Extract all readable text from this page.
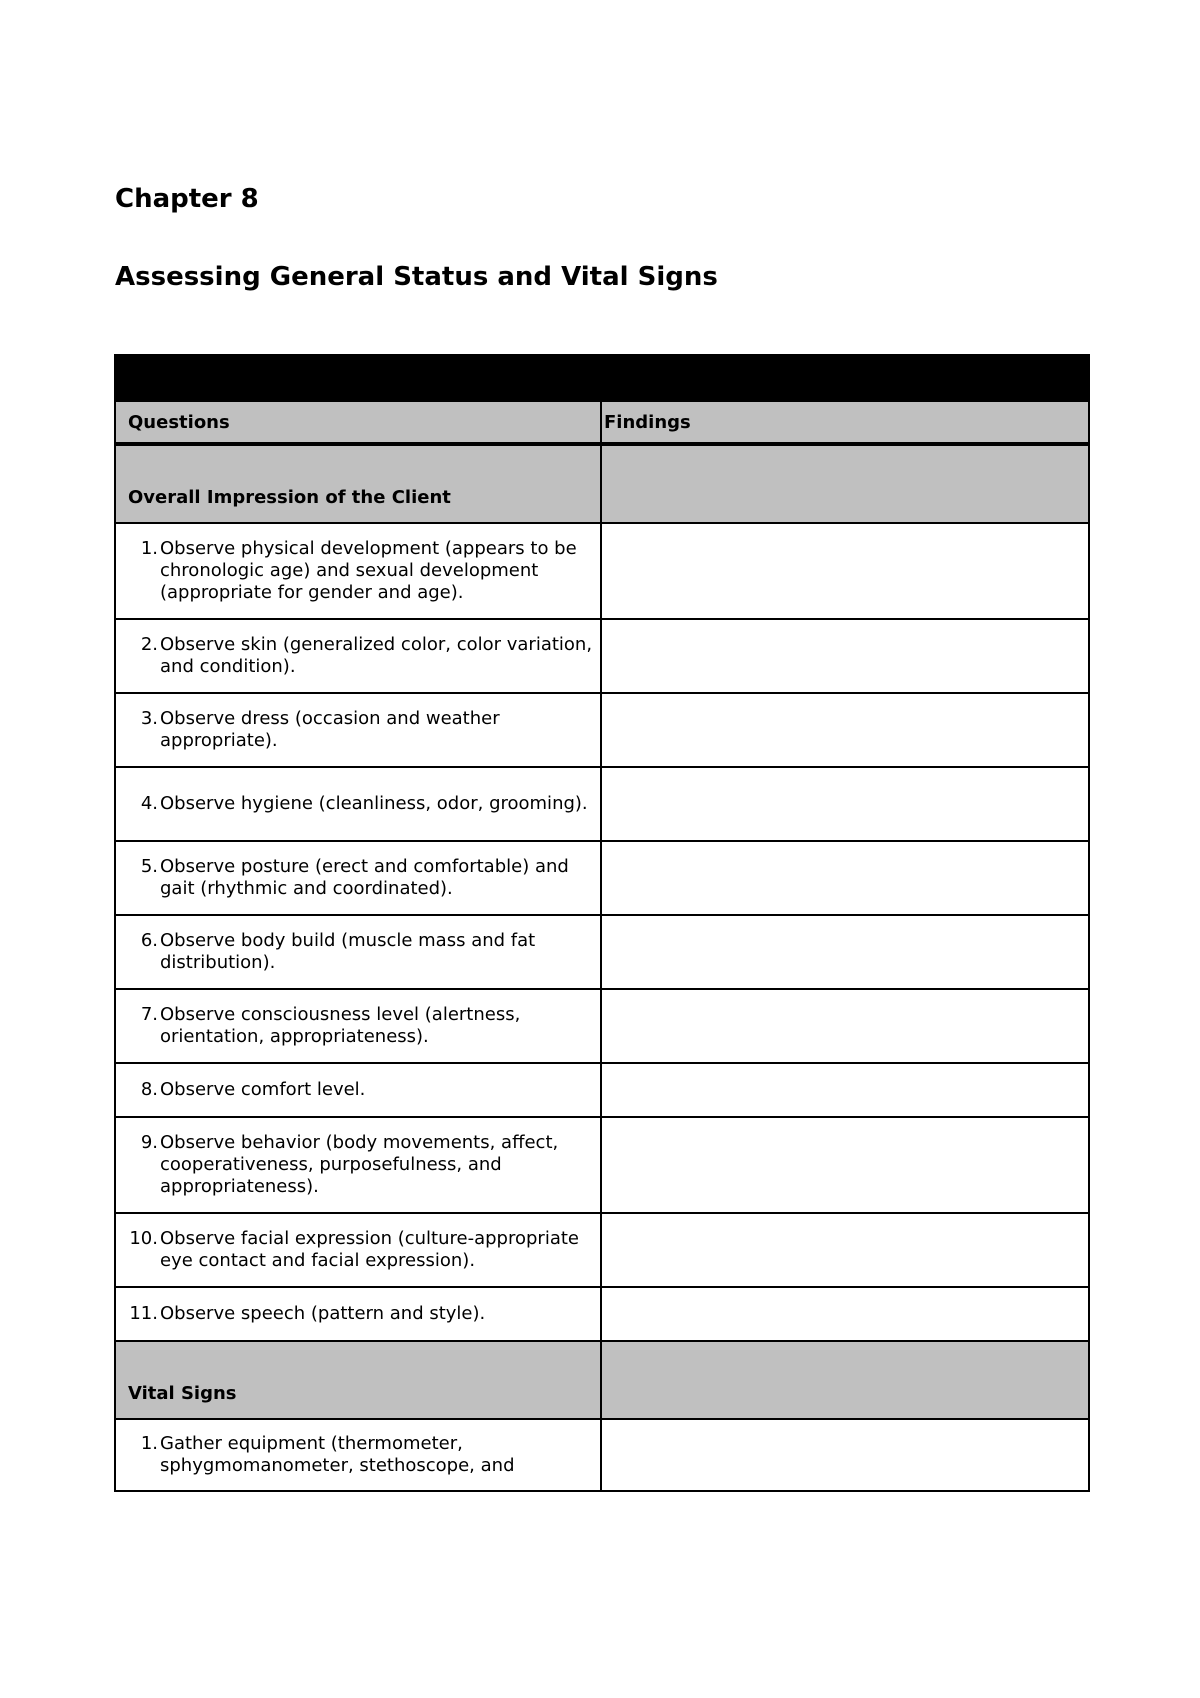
Chapter 8
Assessing General Status and Vital Signs

Questions	Findings
Overall Impression of the Client	

1. Observe physical development (appears to be chronologic age) and sexual development (appropriate for gender and age).	

2. Observe skin (generalized color, color variation, and condition).	

3. Observe dress (occasion and weather appropriate).	

4. Observe hygiene (cleanliness, odor, grooming).	

5. Observe posture (erect and comfortable) and gait (rhythmic and coordinated).	

6. Observe body build (muscle mass and fat distribution).	

7. Observe consciousness level (alertness, orientation, appropriateness).	

8. Observe comfort level.	

9. Observe behavior (body movements, affect, cooperativeness, purposefulness, and appropriateness).	

10. Observe facial expression (culture-appropriate eye contact and facial expression).	

11. Observe speech (pattern and style).	

Vital Signs	

1. Gather equipment (thermometer, sphygmomanometer, stethoscope, and	
